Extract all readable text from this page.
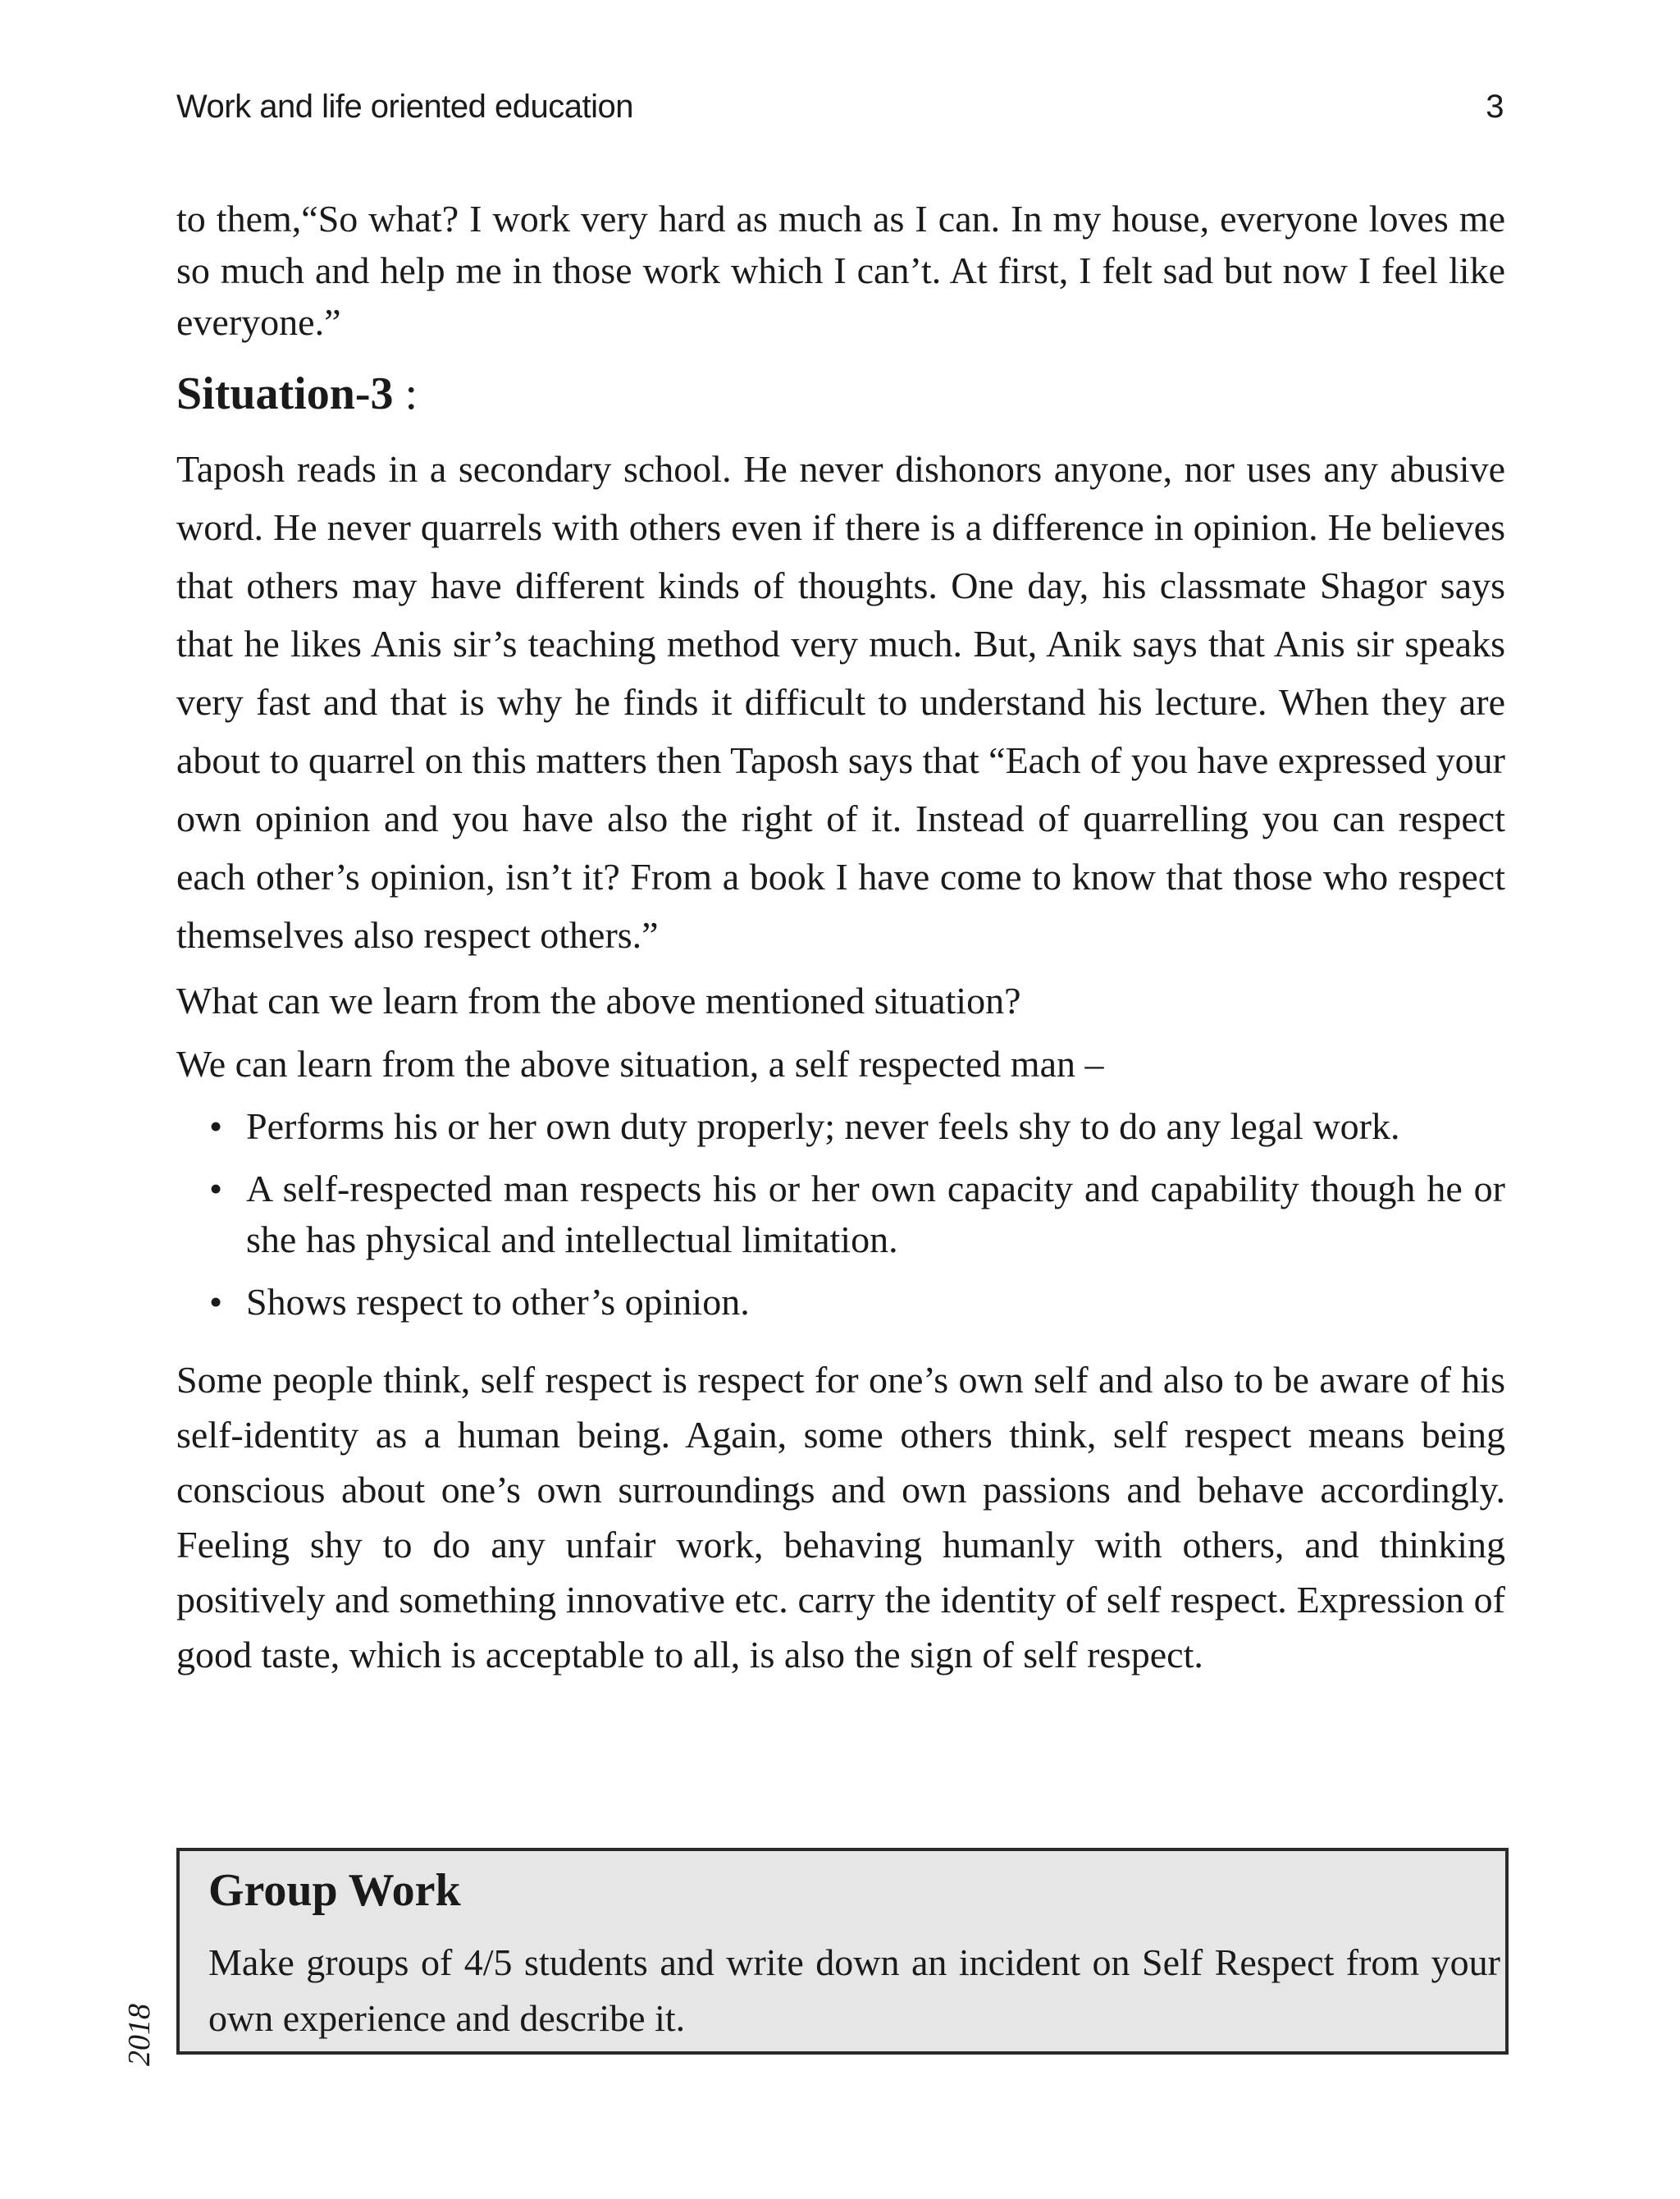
Work and life oriented education	3

to them,“So what? I work very hard as much as I can. In my house, everyone loves me so much and help me in those work which I can’t. At first, I felt sad but now I feel like everyone.”

Situation-3 :

Taposh reads in a secondary school. He never dishonors anyone, nor uses any abusive word. He never quarrels with others even if there is a difference in opinion. He believes that others may have different kinds of thoughts. One day, his classmate Shagor says that he likes Anis sir’s teaching method very much. But, Anik says that Anis sir speaks very fast and that is why he finds it difficult to understand his lecture. When they are about to quarrel on this matters then Taposh says that “Each of you have expressed your own opinion and you have also the right of it. Instead of quarrelling you can respect each other’s opinion, isn’t it? From a book I have come to know that those who respect themselves also respect others.”

What can we learn from the above mentioned situation?

We can learn from the above situation, a self respected man –

• Performs his or her own duty properly; never feels shy to do any legal work.
• A self-respected man respects his or her own capacity and capability though he or she has physical and intellectual limitation.
• Shows respect to other’s opinion.

Some people think, self respect is respect for one’s own self and also to be aware of his self-identity as a human being. Again, some others think, self respect means being conscious about one’s own surroundings and own passions and behave accordingly. Feeling shy to do any unfair work, behaving humanly with others, and thinking positively and something innovative etc. carry the identity of self respect. Expression of good taste, which is acceptable to all, is also the sign of self respect.

Group Work

Make groups of 4/5 students and write down an incident on Self Respect from your own experience and describe it.

2018
